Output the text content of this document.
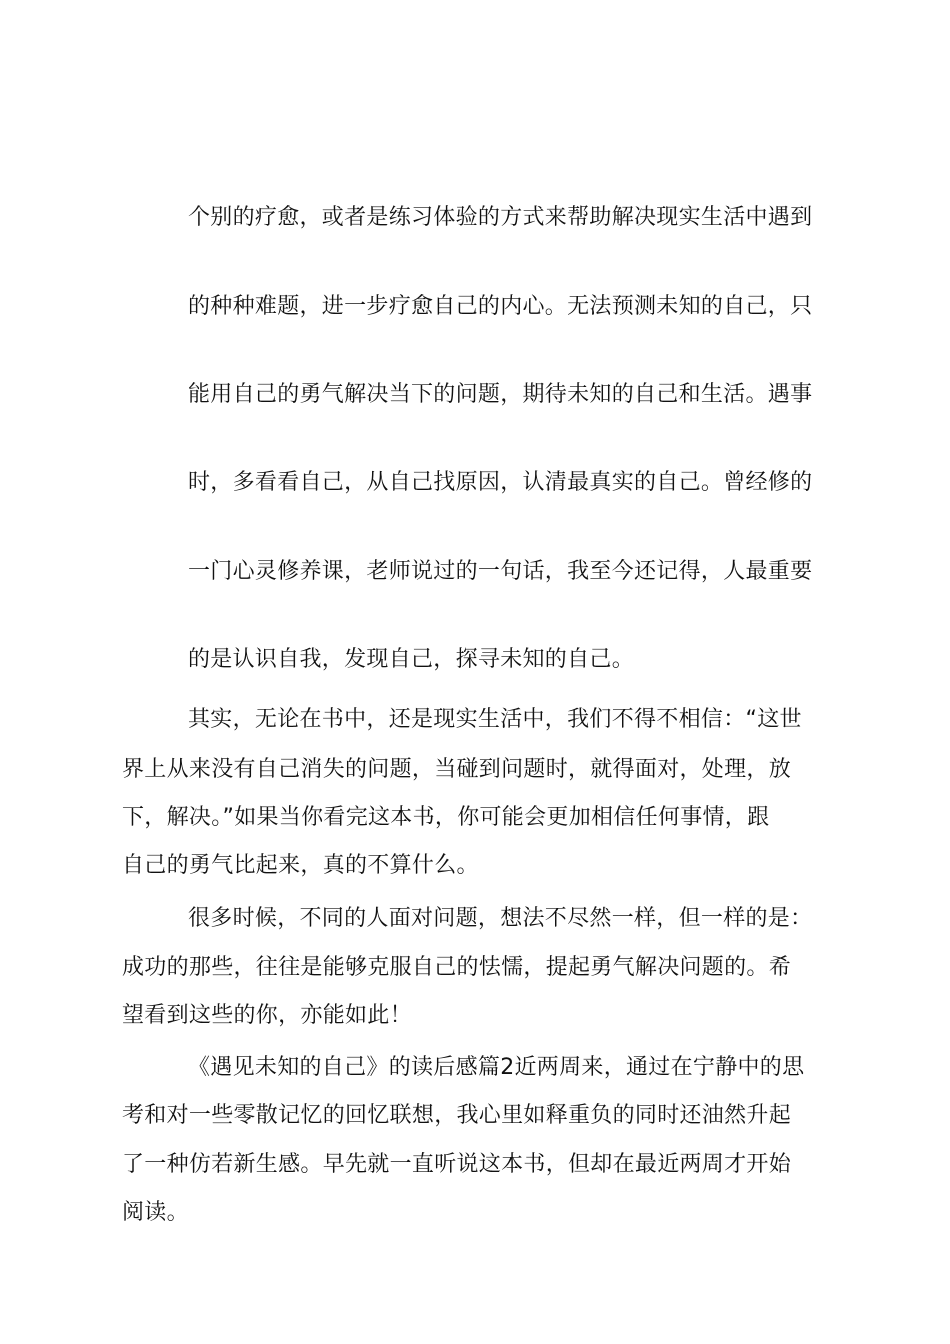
个别的疗愈，或者是练习体验的方式来帮助解决现实生活中遇到

的种种难题，进一步疗愈自己的内心。无法预测未知的自己，只

能用自己的勇气解决当下的问题，期待未知的自己和生活。遇事

时，多看看自己，从自己找原因，认清最真实的自己。曾经修的

一门心灵修养课，老师说过的一句话，我至今还记得，人最重要

的是认识自我，发现自己，探寻未知的自己。

其实，无论在书中，还是现实生活中，我们不得不相信：“这世

界上从来没有自己消失的问题，当碰到问题时，就得面对，处理，放

下，解决。”如果当你看完这本书，你可能会更加相信任何事情，跟

自己的勇气比起来，真的不算什么。

很多时候，不同的人面对问题，想法不尽然一样，但一样的是：

成功的那些，往往是能够克服自己的怯懦，提起勇气解决问题的。希

望看到这些的你，亦能如此！

《遇见未知的自己》的读后感篇2近两周来，通过在宁静中的思

考和对一些零散记忆的回忆联想，我心里如释重负的同时还油然升起

了一种仿若新生感。早先就一直听说这本书，但却在最近两周才开始

阅读。
